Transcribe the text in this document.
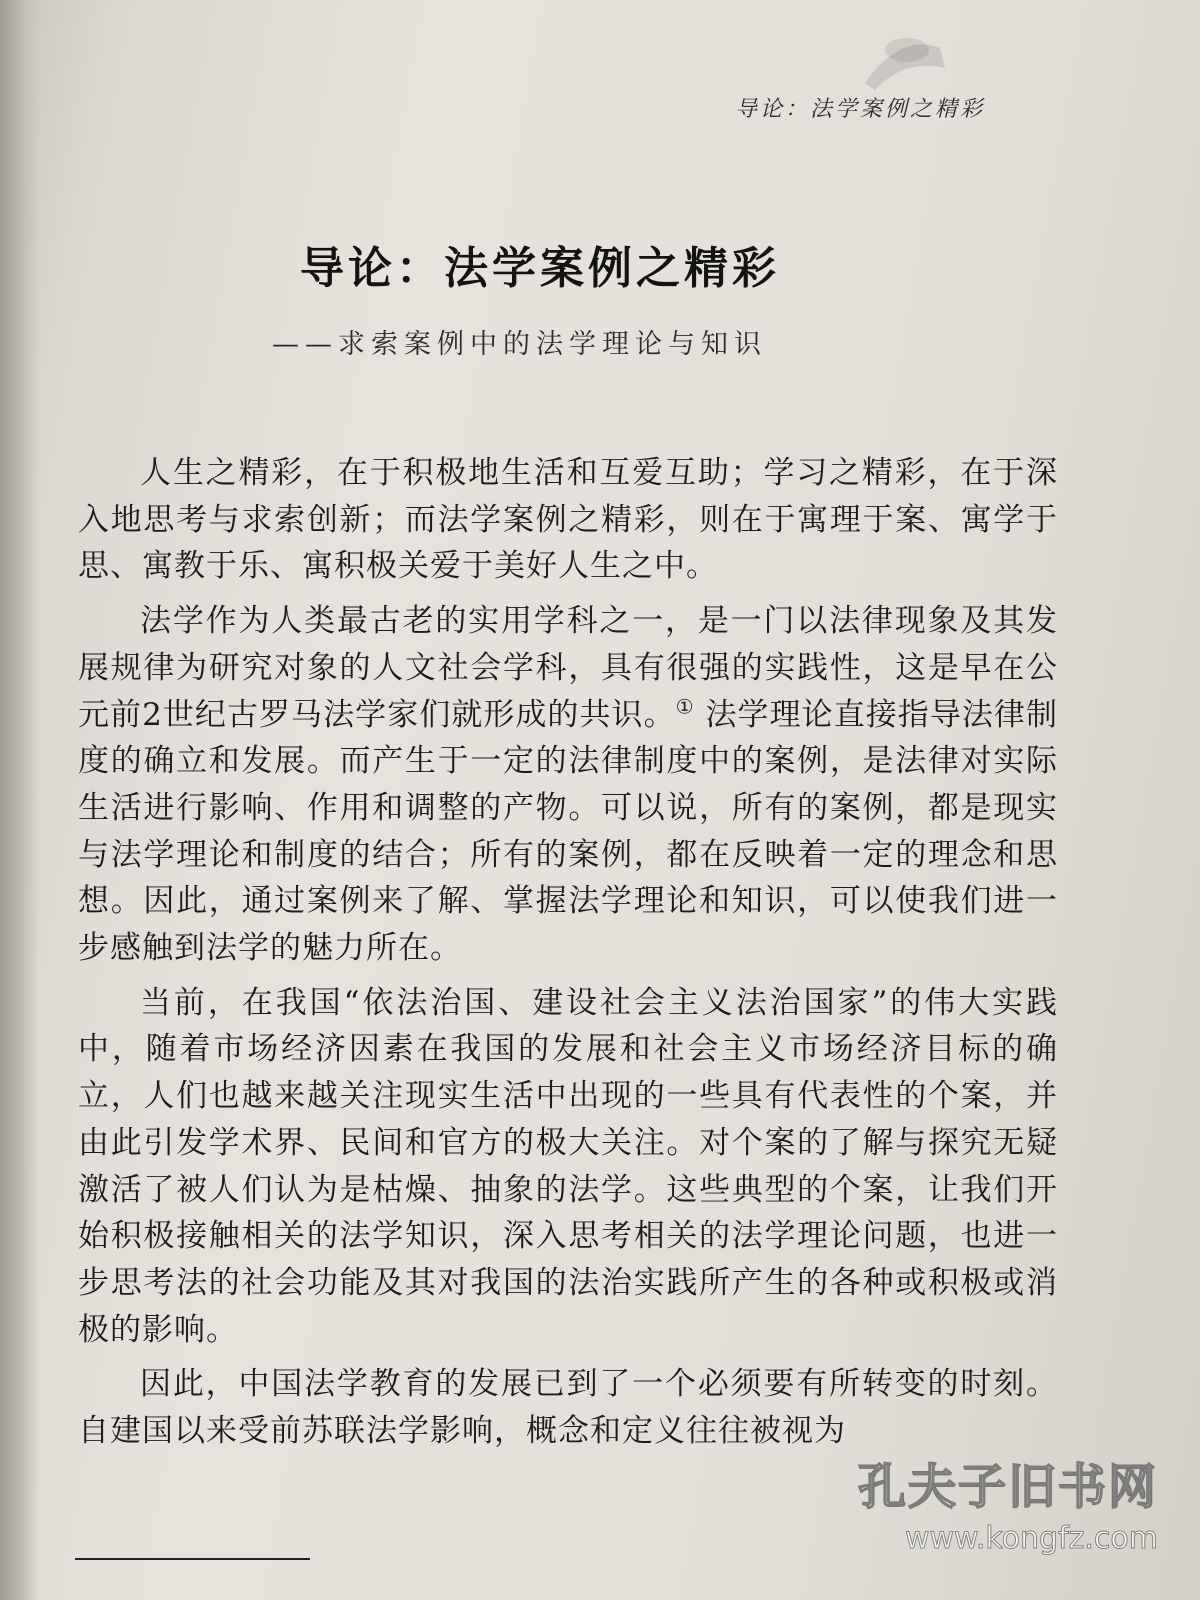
导论：法学案例之精彩
导论：法学案例之精彩
——求索案例中的法学理论与知识

人生之精彩，在于积极地生活和互爱互助；学习之精彩，在于深入地思考与求索创新；而法学案例之精彩，则在于寓理于案、寓学于思、寓教于乐、寓积极关爱于美好人生之中。

法学作为人类最古老的实用学科之一，是一门以法律现象及其发展规律为研究对象的人文社会学科，具有很强的实践性，这是早在公元前2世纪古罗马法学家们就形成的共识。① 法学理论直接指导法律制度的确立和发展。而产生于一定的法律制度中的案例，是法律对实际生活进行影响、作用和调整的产物。可以说，所有的案例，都是现实与法学理论和制度的结合；所有的案例，都在反映着一定的理念和思想。因此，通过案例来了解、掌握法学理论和知识，可以使我们进一步感触到法学的魅力所在。

当前，在我国“依法治国、建设社会主义法治国家”的伟大实践中，随着市场经济因素在我国的发展和社会主义市场经济目标的确立，人们也越来越关注现实生活中出现的一些具有代表性的个案，并由此引发学术界、民间和官方的极大关注。对个案的了解与探究无疑激活了被人们认为是枯燥、抽象的法学。这些典型的个案，让我们开始积极接触相关的法学知识，深入思考相关的法学理论问题，也进一步思考法的社会功能及其对我国的法治实践所产生的各种或积极或消极的影响。

因此，中国法学教育的发展已到了一个必须要有所转变的时刻。自建国以来受前苏联法学影响，概念和定义往往被视为

孔夫子旧书网
www.kongfz.com
